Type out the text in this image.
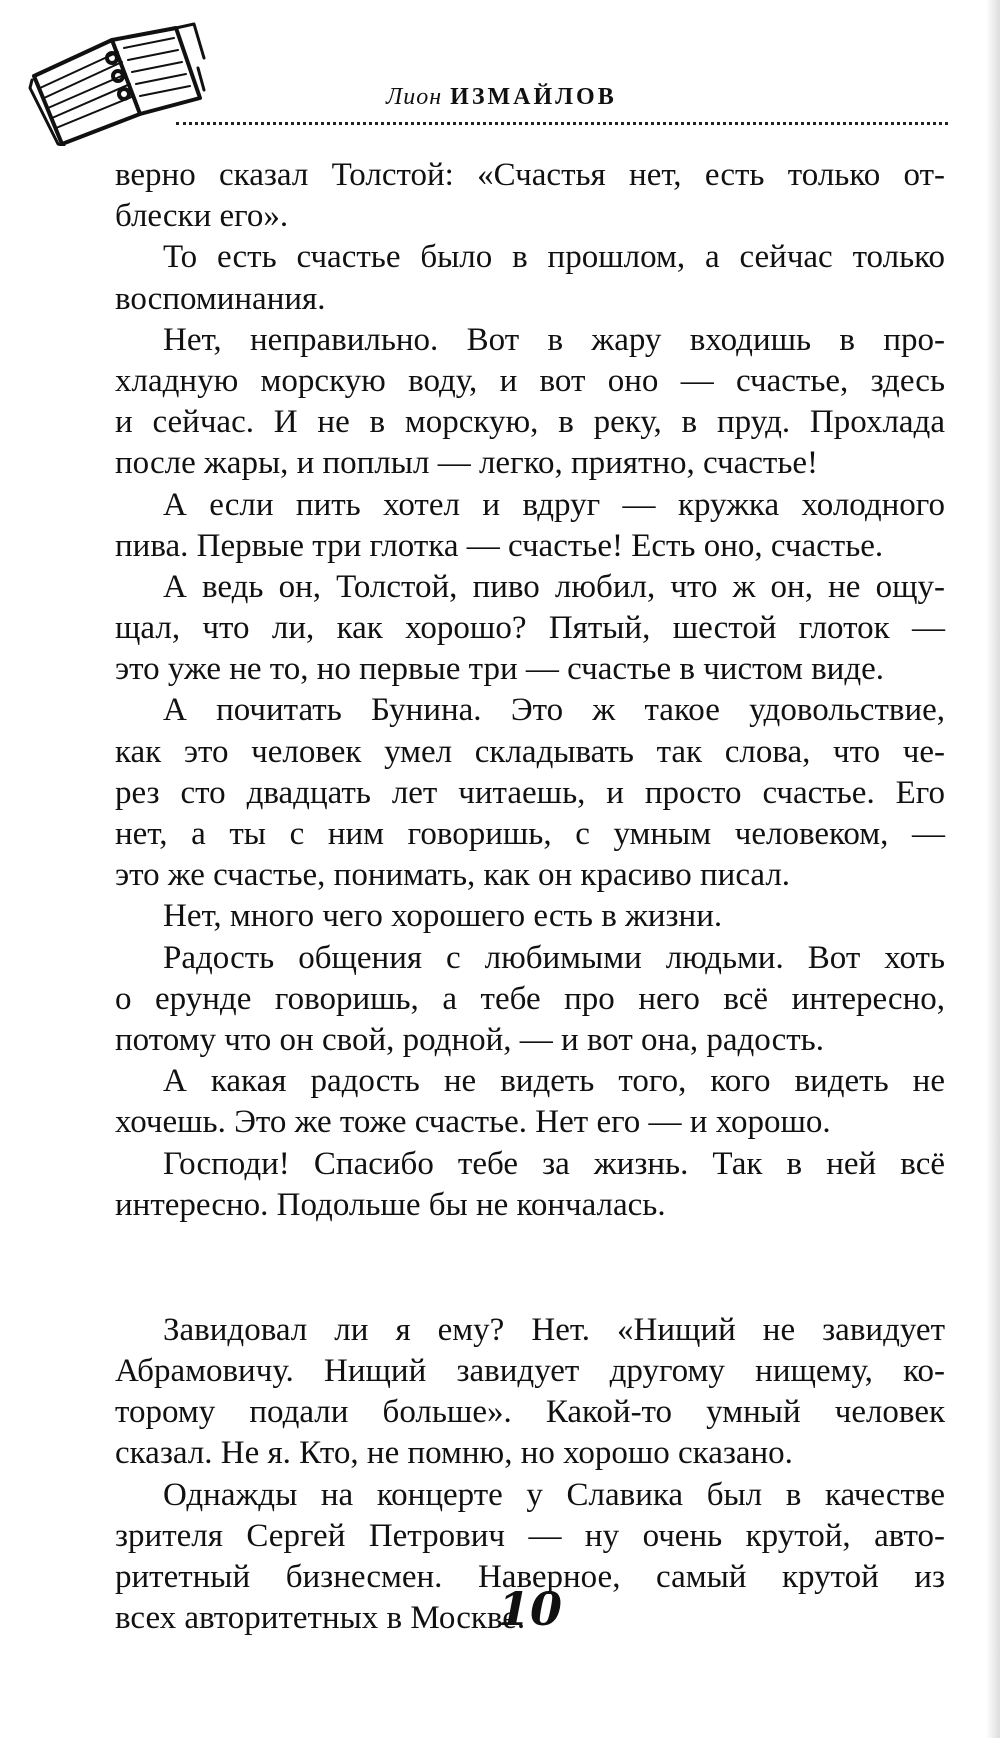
Лион ИЗМАЙЛОВ
верно сказал Толстой: «Счастья нет, есть только от-
блески его».
То есть счастье было в прошлом, а сейчас только
воспоминания.
Нет, неправильно. Вот в жару входишь в про-
хладную морскую воду, и вот оно — счастье, здесь
и сейчас. И не в морскую, в реку, в пруд. Прохлада
после жары, и поплыл — легко, приятно, счастье!
А если пить хотел и вдруг — кружка холодного
пива. Первые три глотка — счастье! Есть оно, счастье.
А ведь он, Толстой, пиво любил, что ж он, не ощу-
щал, что ли, как хорошо? Пятый, шестой глоток —
это уже не то, но первые три — счастье в чистом виде.
А почитать Бунина. Это ж такое удовольствие,
как это человек умел складывать так слова, что че-
рез сто двадцать лет читаешь, и просто счастье. Его
нет, а ты с ним говоришь, с умным человеком, —
это же счастье, понимать, как он красиво писал.
Нет, много чего хорошего есть в жизни.
Радость общения с любимыми людьми. Вот хоть
о ерунде говоришь, а тебе про него всё интересно,
потому что он свой, родной, — и вот она, радость.
А какая радость не видеть того, кого видеть не
хочешь. Это же тоже счастье. Нет его — и хорошо.
Господи! Спасибо тебе за жизнь. Так в ней всё
интересно. Подольше бы не кончалась.
Завидовал ли я ему? Нет. «Нищий не завидует
Абрамовичу. Нищий завидует другому нищему, ко-
торому подали больше». Какой-то умный человек
сказал. Не я. Кто, не помню, но хорошо сказано.
Однажды на концерте у Славика был в качестве
зрителя Сергей Петрович — ну очень крутой, авто-
ритетный бизнесмен. Наверное, самый крутой из
всех авторитетных в Москве.
10
